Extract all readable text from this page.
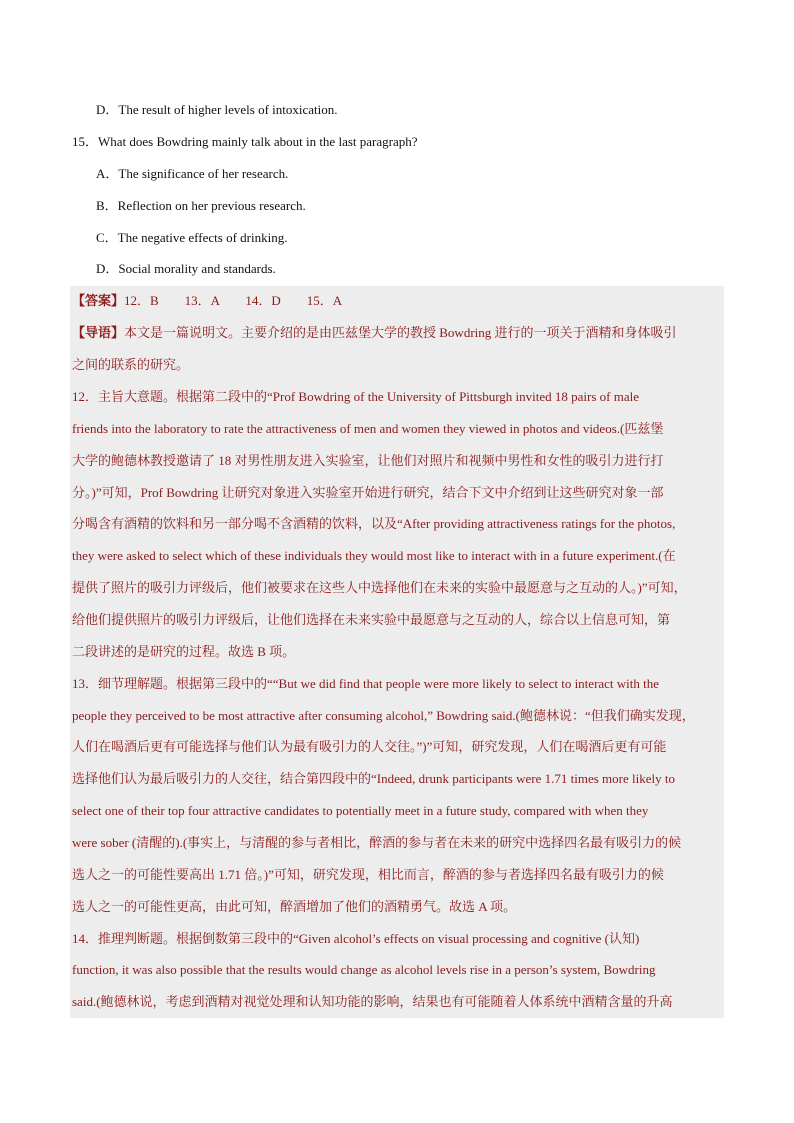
D．The result of higher levels of intoxication.
15．What does Bowdring mainly talk about in the last paragraph?
A．The significance of her research.
B．Reflection on her previous research.
C．The negative effects of drinking.
D．Social morality and standards.
【答案】12．B　　13．A　　14．D　　15．A
【导语】本文是一篇说明文。主要介绍的是由匹兹堡大学的教授 Bowdring 进行的一项关于酒精和身体吸引
之间的联系的研究。
12．主旨大意题。根据第二段中的“Prof Bowdring of the University of Pittsburgh invited 18 pairs of male
friends into the laboratory to rate the attractiveness of men and women they viewed in photos and videos.(匹兹堡
大学的鲍德林教授邀请了 18 对男性朋友进入实验室，让他们对照片和视频中男性和女性的吸引力进行打
分。)”可知，Prof Bowdring 让研究对象进入实验室开始进行研究，结合下文中介绍到让这些研究对象一部
分喝含有酒精的饮料和另一部分喝不含酒精的饮料，以及“After providing attractiveness ratings for the photos,
they were asked to select which of these individuals they would most like to interact with in a future experiment.(在
提供了照片的吸引力评级后，他们被要求在这些人中选择他们在未来的实验中最愿意与之互动的人。)”可知，
给他们提供照片的吸引力评级后，让他们选择在未来实验中最愿意与之互动的人，综合以上信息可知，第
二段讲述的是研究的过程。故选 B 项。
13．细节理解题。根据第三段中的““But we did find that people were more likely to select to interact with the
people they perceived to be most attractive after consuming alcohol,” Bowdring said.(鲍德林说：“但我们确实发现，
人们在喝酒后更有可能选择与他们认为最有吸引力的人交往。”)”可知，研究发现，人们在喝酒后更有可能
选择他们认为最后吸引力的人交往，结合第四段中的“Indeed, drunk participants were 1.71 times more likely to
select one of their top four attractive candidates to potentially meet in a future study, compared with when they
were sober (清醒的).(事实上，与清醒的参与者相比，醉酒的参与者在未来的研究中选择四名最有吸引力的候
选人之一的可能性要高出 1.71 倍。)”可知，研究发现，相比而言，醉酒的参与者选择四名最有吸引力的候
选人之一的可能性更高，由此可知，醉酒增加了他们的酒精勇气。故选 A 项。
14．推理判断题。根据倒数第三段中的“Given alcohol’s effects on visual processing and cognitive (认知)
function, it was also possible that the results would change as alcohol levels rise in a person’s system, Bowdring
said.(鲍德林说，考虑到酒精对视觉处理和认知功能的影响，结果也有可能随着人体系统中酒精含量的升高
